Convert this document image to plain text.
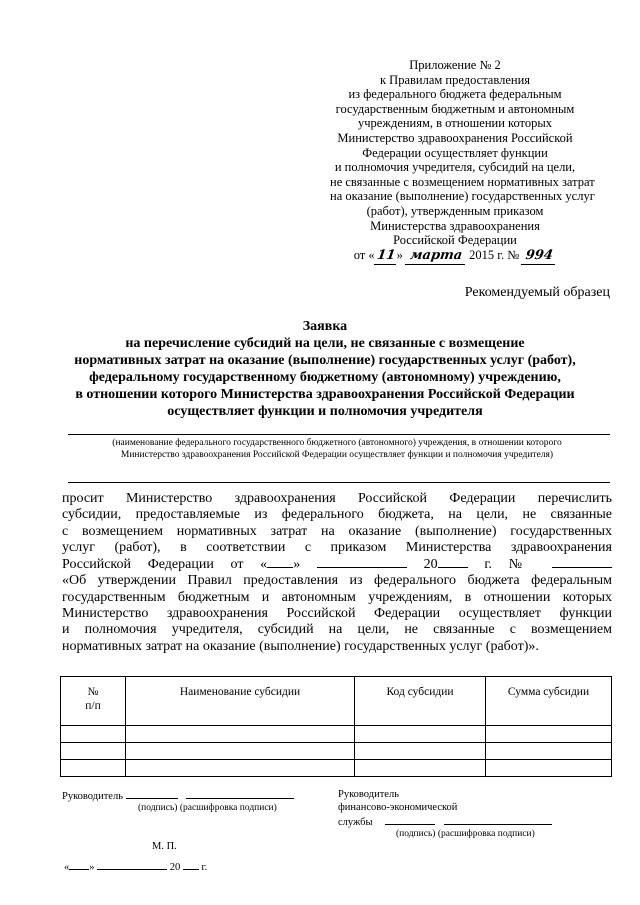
Приложение № 2
к Правилам предоставления
из федерального бюджета федеральным
государственным бюджетным и автономным
учреждениям, в отношении которых
Министерство здравоохранения Российской
Федерации осуществляет функции
и полномочия учредителя, субсидий на цели,
не связанные с возмещением нормативных затрат
на оказание (выполнение) государственных услуг
(работ), утвержденным приказом
Министерства здравоохранения
Российской Федерации
от «11» марта 2015 г. № 994
Рекомендуемый образец
Заявка
на перечисление субсидий на цели, не связанные с возмещение
нормативных затрат на оказание (выполнение) государственных услуг (работ),
федеральному государственному бюджетному (автономному) учреждению,
в отношении которого Министерства здравоохранения Российской Федерации
осуществляет функции и полномочия учредителя
(наименование федерального государственного бюджетного (автономного) учреждения, в отношении которого
Министерство здравоохранения Российской Федерации осуществляет функции и полномочия учредителя)
просит Министерство здравоохранения Российской Федерации перечислить
субсидии, предоставляемые из федерального бюджета, на цели, не связанные
с возмещением нормативных затрат на оказание (выполнение) государственных
услуг (работ), в соответствии с приказом Министерства здравоохранения
Российской Федерации от « »	20	г. №
«Об утверждении Правил предоставления из федерального бюджета федеральным
государственным бюджетным и автономным учреждениям, в отношении которых
Министерство здравоохранения Российской Федерации осуществляет функции
и полномочия учредителя, субсидий на цели, не связанные с возмещением
нормативных затрат на оказание (выполнение) государственных услуг (работ)».
№
п/п	Наименование субсидии	Код субсидии	Сумма субсидии

Руководитель
(подпись) (расшифровка подписи)
Руководитель
финансово-экономической
службы
(подпись) (расшифровка подписи)
М. П.
« »	20 г.
